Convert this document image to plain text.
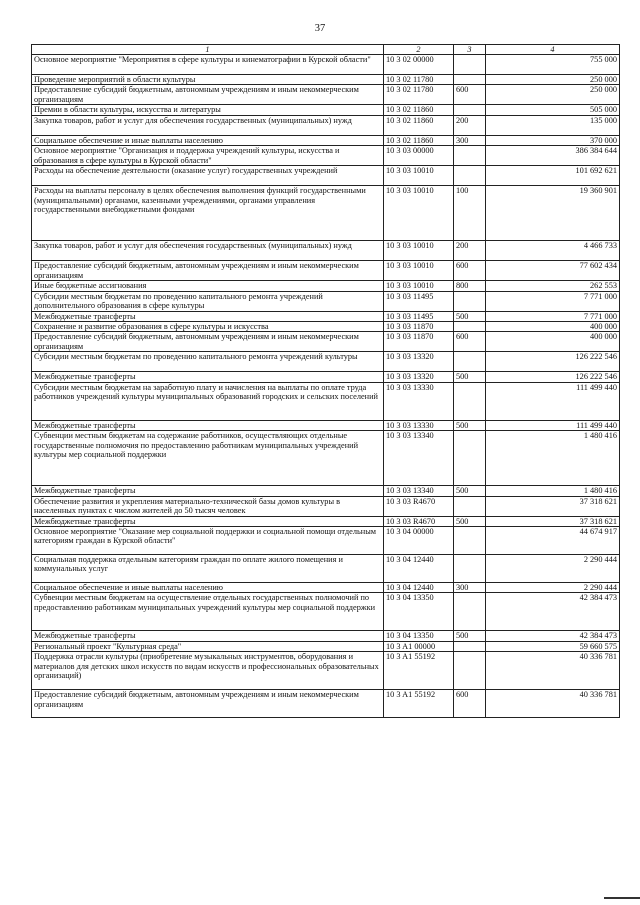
37
1	2	3	4
Основное мероприятие "Мероприятия в сфере культуры и кинематографии в Курской области"	10 3 02 00000		755 000
Проведение мероприятий в области культуры	10 3 02 11780		250 000
Предоставление субсидий бюджетным, автономным учреждениям и иным некоммерческим организациям	10 3 02 11780	600	250 000
Премии в области культуры, искусства и литературы	10 3 02 11860		505 000
Закупка товаров, работ и услуг для обеспечения государственных (муниципальных) нужд	10 3 02 11860	200	135 000
Социальное обеспечение и иные выплаты населению	10 3 02 11860	300	370 000
Основное мероприятие "Организация и поддержка учреждений культуры, искусства и образования в сфере культуры в Курской области"	10 3 03 00000		386 384 644
Расходы на обеспечение деятельности (оказание услуг) государственных учреждений	10 3 03 10010		101 692 621
Расходы на выплаты персоналу в целях обеспечения выполнения функций государственными (муниципальными) органами, казенными учреждениями, органами управления государственными внебюджетными фондами	10 3 03 10010	100	19 360 901
Закупка товаров, работ и услуг для обеспечения государственных (муниципальных) нужд	10 3 03 10010	200	4 466 733
Предоставление субсидий бюджетным, автономным учреждениям и иным некоммерческим организациям	10 3 03 10010	600	77 602 434
Иные бюджетные ассигнования	10 3 03 10010	800	262 553
Субсидии местным бюджетам по проведению капитального ремонта учреждений дополнительного образования в сфере культуры	10 3 03 11495		7 771 000
Межбюджетные трансферты	10 3 03 11495	500	7 771 000
Сохранение и развитие образования в сфере культуры и искусства	10 3 03 11870		400 000
Предоставление субсидий бюджетным, автономным учреждениям и иным некоммерческим организациям	10 3 03 11870	600	400 000
Субсидии местным бюджетам по проведению капитального ремонта учреждений культуры	10 3 03 13320		126 222 546
Межбюджетные трансферты	10 3 03 13320	500	126 222 546
Субсидии местным бюджетам на заработную плату и начисления на выплаты по оплате труда работников учреждений культуры муниципальных образований городских и сельских поселений	10 3 03 13330		111 499 440
Межбюджетные трансферты	10 3 03 13330	500	111 499 440
Субвенции местным бюджетам на содержание работников, осуществляющих отдельные государственные полномочия по предоставлению работникам муниципальных учреждений культуры мер социальной поддержки	10 3 03 13340		1 480 416
Межбюджетные трансферты	10 3 03 13340	500	1 480 416
Обеспечение развития и укрепления материально-технической базы домов культуры в населенных пунктах с числом жителей до 50 тысяч человек	10 3 03 R4670		37 318 621
Межбюджетные трансферты	10 3 03 R4670	500	37 318 621
Основное мероприятие "Оказание мер социальной поддержки и социальной помощи отдельным категориям граждан в Курской области"	10 3 04 00000		44 674 917
Социальная поддержка отдельным категориям граждан по оплате жилого помещения и коммунальных услуг	10 3 04 12440		2 290 444
Социальное обеспечение и иные выплаты населению	10 3 04 12440	300	2 290 444
Субвенции местным бюджетам на осуществление отдельных государственных полномочий по предоставлению работникам муниципальных учреждений культуры мер социальной поддержки	10 3 04 13350		42 384 473
Межбюджетные трансферты	10 3 04 13350	500	42 384 473
Региональный проект "Культурная среда"	10 3 A1 00000		59 660 575
Поддержка отрасли культуры (приобретение музыкальных инструментов, оборудования и материалов для детских школ искусств по видам искусств и профессиональных образовательных организаций)	10 3 A1 55192		40 336 781
Предоставление субсидий бюджетным, автономным учреждениям и иным некоммерческим организациям	10 3 A1 55192	600	40 336 781
